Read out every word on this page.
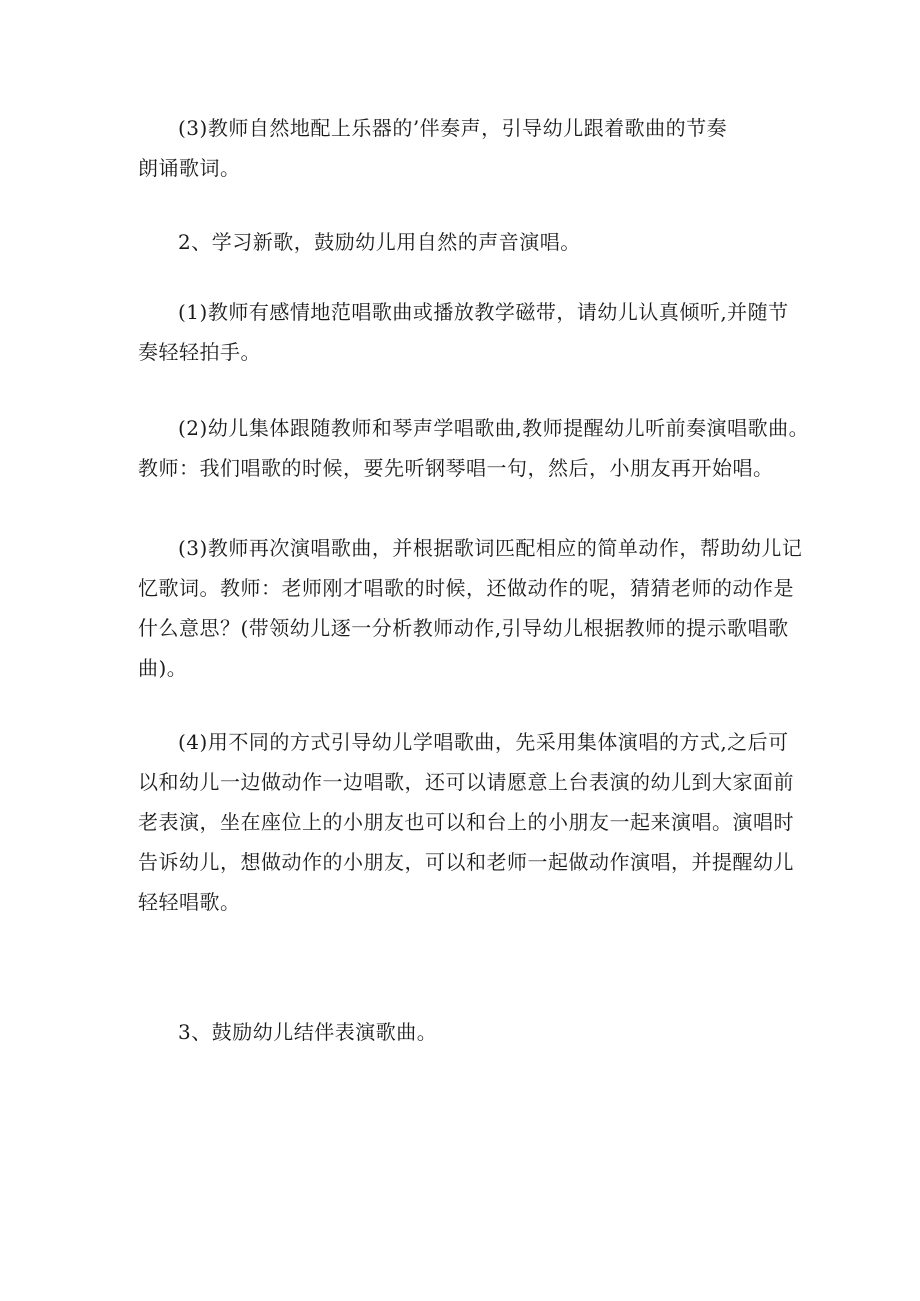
(3)教师自然地配上乐器的’伴奏声，引导幼儿跟着歌曲的节奏
朗诵歌词。
2、学习新歌，鼓励幼儿用自然的声音演唱。
(1)教师有感情地范唱歌曲或播放教学磁带，请幼儿认真倾听,并随节
奏轻轻拍手。
(2)幼儿集体跟随教师和琴声学唱歌曲,教师提醒幼儿听前奏演唱歌曲。
教师：我们唱歌的时候，要先听钢琴唱一句，然后，小朋友再开始唱。
(3)教师再次演唱歌曲，并根据歌词匹配相应的简单动作，帮助幼儿记
忆歌词。教师：老师刚才唱歌的时候，还做动作的呢，猜猜老师的动作是
什么意思？(带领幼儿逐一分析教师动作,引导幼儿根据教师的提示歌唱歌
曲)。
(4)用不同的方式引导幼儿学唱歌曲，先采用集体演唱的方式,之后可
以和幼儿一边做动作一边唱歌，还可以请愿意上台表演的幼儿到大家面前
老表演，坐在座位上的小朋友也可以和台上的小朋友一起来演唱。演唱时
告诉幼儿，想做动作的小朋友，可以和老师一起做动作演唱，并提醒幼儿
轻轻唱歌。
3、鼓励幼儿结伴表演歌曲。
